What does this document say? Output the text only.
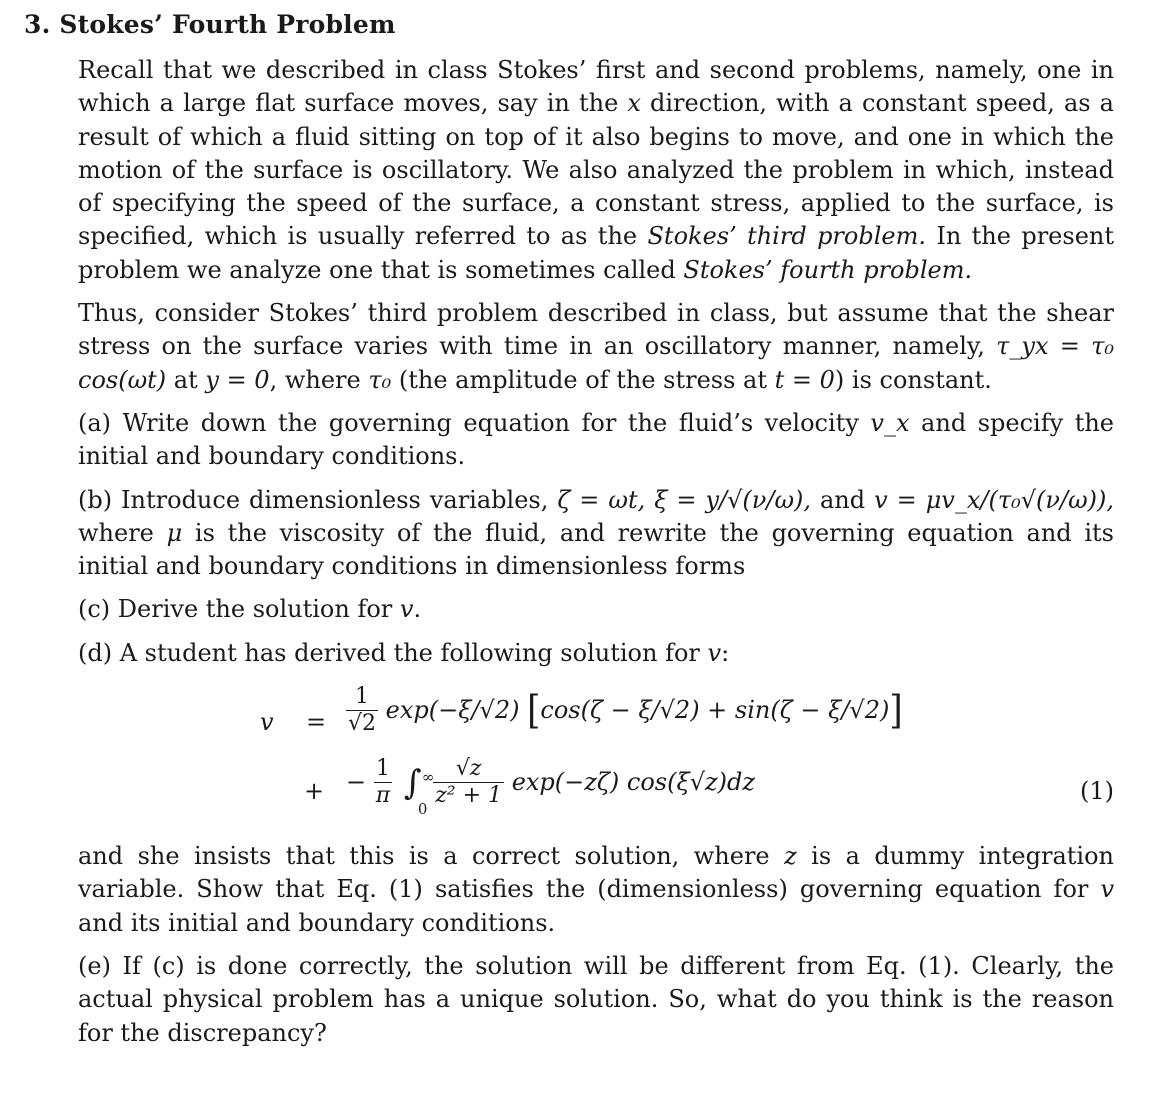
3. Stokes’ Fourth Problem

Recall that we described in class Stokes’ first and second problems, namely, one in which a large flat surface moves, say in the x direction, with a constant speed, as a result of which a fluid sitting on top of it also begins to move, and one in which the motion of the surface is oscillatory. We also analyzed the problem in which, instead of specifying the speed of the surface, a constant stress, applied to the surface, is specified, which is usually referred to as the Stokes’ third problem. In the present problem we analyze one that is sometimes called Stokes’ fourth problem.

Thus, consider Stokes’ third problem described in class, but assume that the shear stress on the surface varies with time in an oscillatory manner, namely, τ_yx = τ₀ cos(ωt) at y = 0, where τ₀ (the amplitude of the stress at t = 0) is constant.

(a) Write down the governing equation for the fluid’s velocity v_x and specify the initial and boundary conditions.

(b) Introduce dimensionless variables, ζ = ωt, ξ = y/√(ν/ω), and v = μv_x/(τ₀√(ν/ω)), where μ is the viscosity of the fluid, and rewrite the governing equation and its initial and boundary conditions in dimensionless forms

(c) Derive the solution for v.

(d) A student has derived the following solution for v:

$v = \frac{1}{√2} \exp(-\xi/√2) [\cos(\zeta - \xi/√2) + \sin(\zeta - \xi/√2)]$
+ − $\frac{1}{\pi}$ ∫ ∞
0
$\frac{√z}{\text{z² + 1}} \exp(-z\zeta)$ cos(ξ√z)dz	(1)

and she insists that this is a correct solution, where z is a dummy integration variable. Show that Eq. (1) satisfies the (dimensionless) governing equation for v and its initial and boundary conditions.

(e) If (c) is done correctly, the solution will be different from Eq. (1). Clearly, the actual physical problem has a unique solution. So, what do you think is the reason for the discrepancy?
